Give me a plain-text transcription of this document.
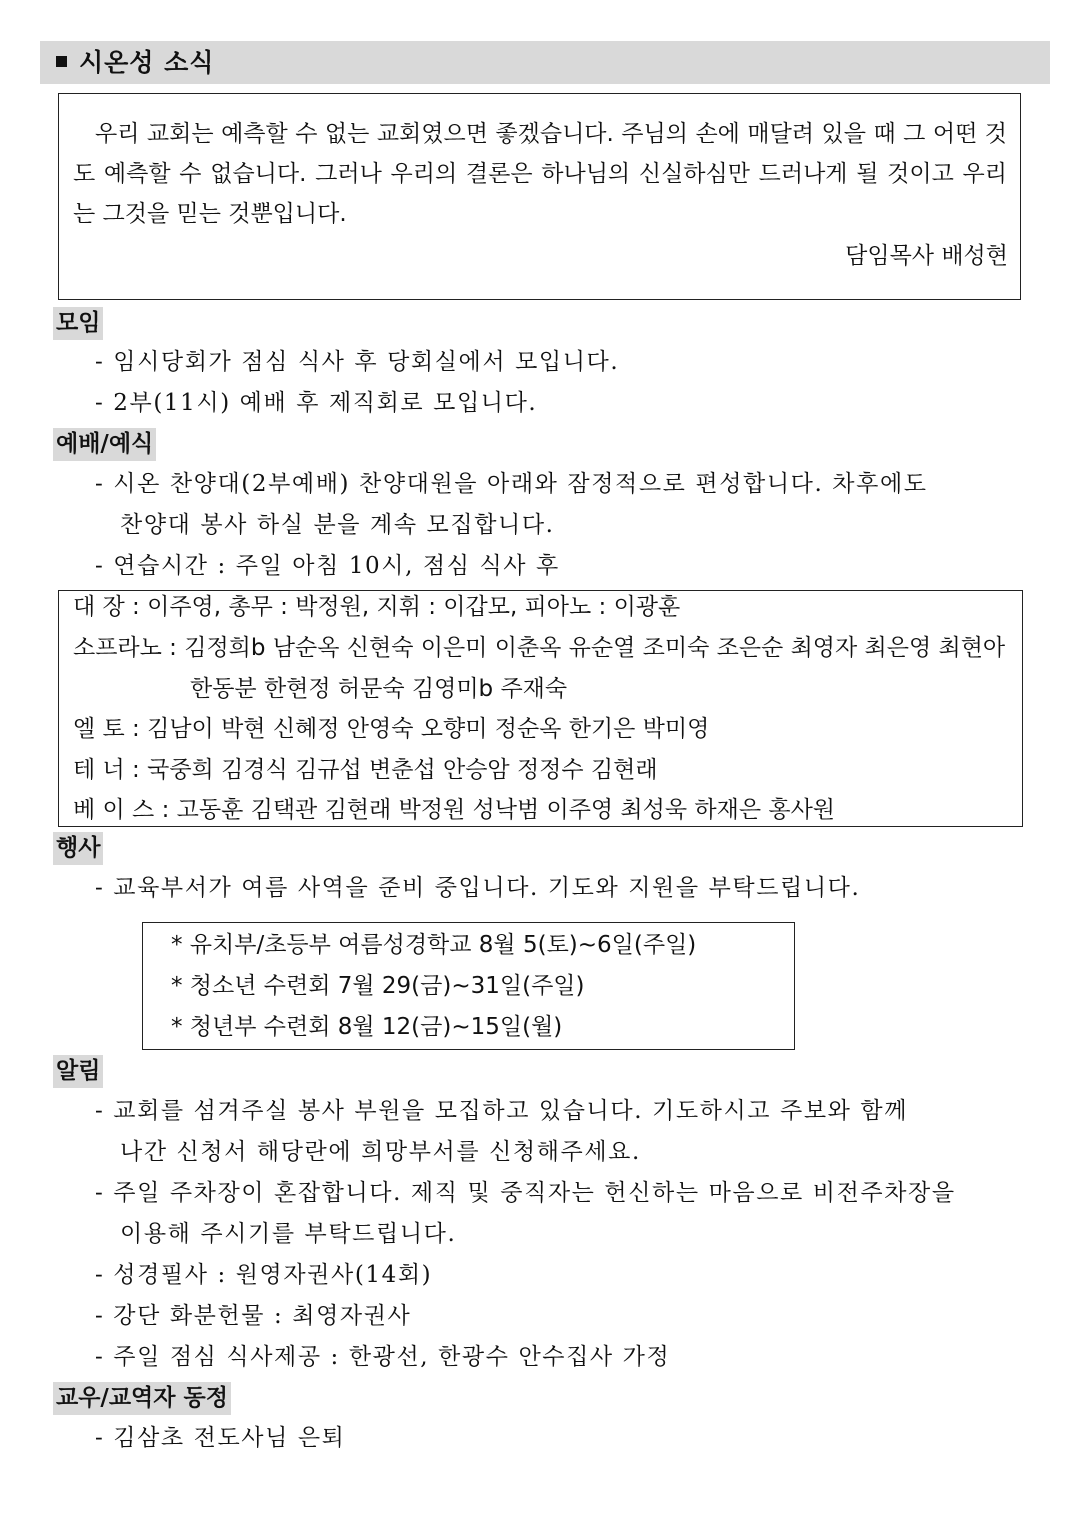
시온성 소식

우리 교회는 예측할 수 없는 교회였으면 좋겠습니다. 주님의 손에 매달려 있을 때 그 어떤 것도 예측할 수 없습니다. 그러나 우리의 결론은 하나님의 신실하심만 드러나게 될 것이고 우리는 그것을 믿는 것뿐입니다.

담임목사 배성현
모임
- 임시당회가 점심 식사 후 당회실에서 모입니다.
- 2부(11시) 예배 후 제직회로 모입니다.
예배/예식
- 시온 찬양대(2부예배) 찬양대원을 아래와 잠정적으로 편성합니다. 차후에도
찬양대 봉사 하실 분을 계속 모집합니다.
- 연습시간 : 주일 아침 10시, 점심 식사 후
대 장 : 이주영, 총무 : 박정원, 지휘 : 이갑모, 피아노 : 이광훈
소프라노 : 김정희b 남순옥 신현숙 이은미 이춘옥 유순열 조미숙 조은순 최영자 최은영 최현아
한동분 한현정 허문숙 김영미b 주재숙
엘 토 : 김남이 박현 신혜정 안영숙 오향미 정순옥 한기은 박미영
테 너 : 국중희 김경식 김규섭 변춘섭 안승암 정정수 김현래
베 이 스 : 고동훈 김택관 김현래 박정원 성낙범 이주영 최성욱 하재은 홍사원
행사
- 교육부서가 여름 사역을 준비 중입니다. 기도와 지원을 부탁드립니다.
* 유치부/초등부 여름성경학교 8월 5(토)~6일(주일)
* 청소년 수련회 7월 29(금)~31일(주일)
* 청년부 수련회 8월 12(금)~15일(월)
알림
- 교회를 섬겨주실 봉사 부원을 모집하고 있습니다. 기도하시고 주보와 함께
나간 신청서 해당란에 희망부서를 신청해주세요.
- 주일 주차장이 혼잡합니다. 제직 및 중직자는 헌신하는 마음으로 비전주차장을
이용해 주시기를 부탁드립니다.
- 성경필사 : 원영자권사(14회)
- 강단 화분헌물 : 최영자권사
- 주일 점심 식사제공 : 한광선, 한광수 안수집사 가정
교우/교역자 동정
- 김삼초 전도사님 은퇴
